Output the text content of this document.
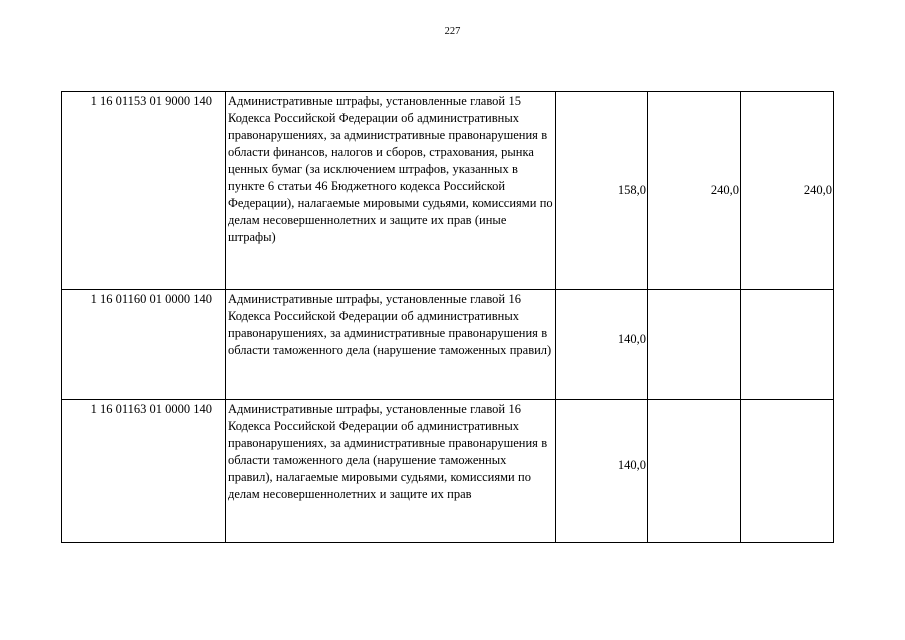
227
1 16 01153 01 9000 140	Административные штрафы, установленные главой 15 Кодекса Российской Федерации об административных правонарушениях, за административные правонарушения в области финансов, налогов и сборов, страхования, рынка ценных бумаг (за исключением штрафов, указанных в пункте 6 статьи 46 Бюджетного кодекса Российской Федерации), налагаемые мировыми судьями, комиссиями по делам несовершеннолетних и защите их прав (иные штрафы)	158,0	240,0	240,0
1 16 01160 01 0000 140	Административные штрафы, установленные главой 16 Кодекса Российской Федерации об административных правонарушениях, за административные правонарушения в области таможенного дела (нарушение таможенных правил)	140,0		
1 16 01163 01 0000 140	Административные штрафы, установленные главой 16 Кодекса Российской Федерации об административных правонарушениях, за административные правонарушения в области таможенного дела (нарушение таможенных правил), налагаемые мировыми судьями, комиссиями по делам несовершеннолетних и защите их прав	140,0		
